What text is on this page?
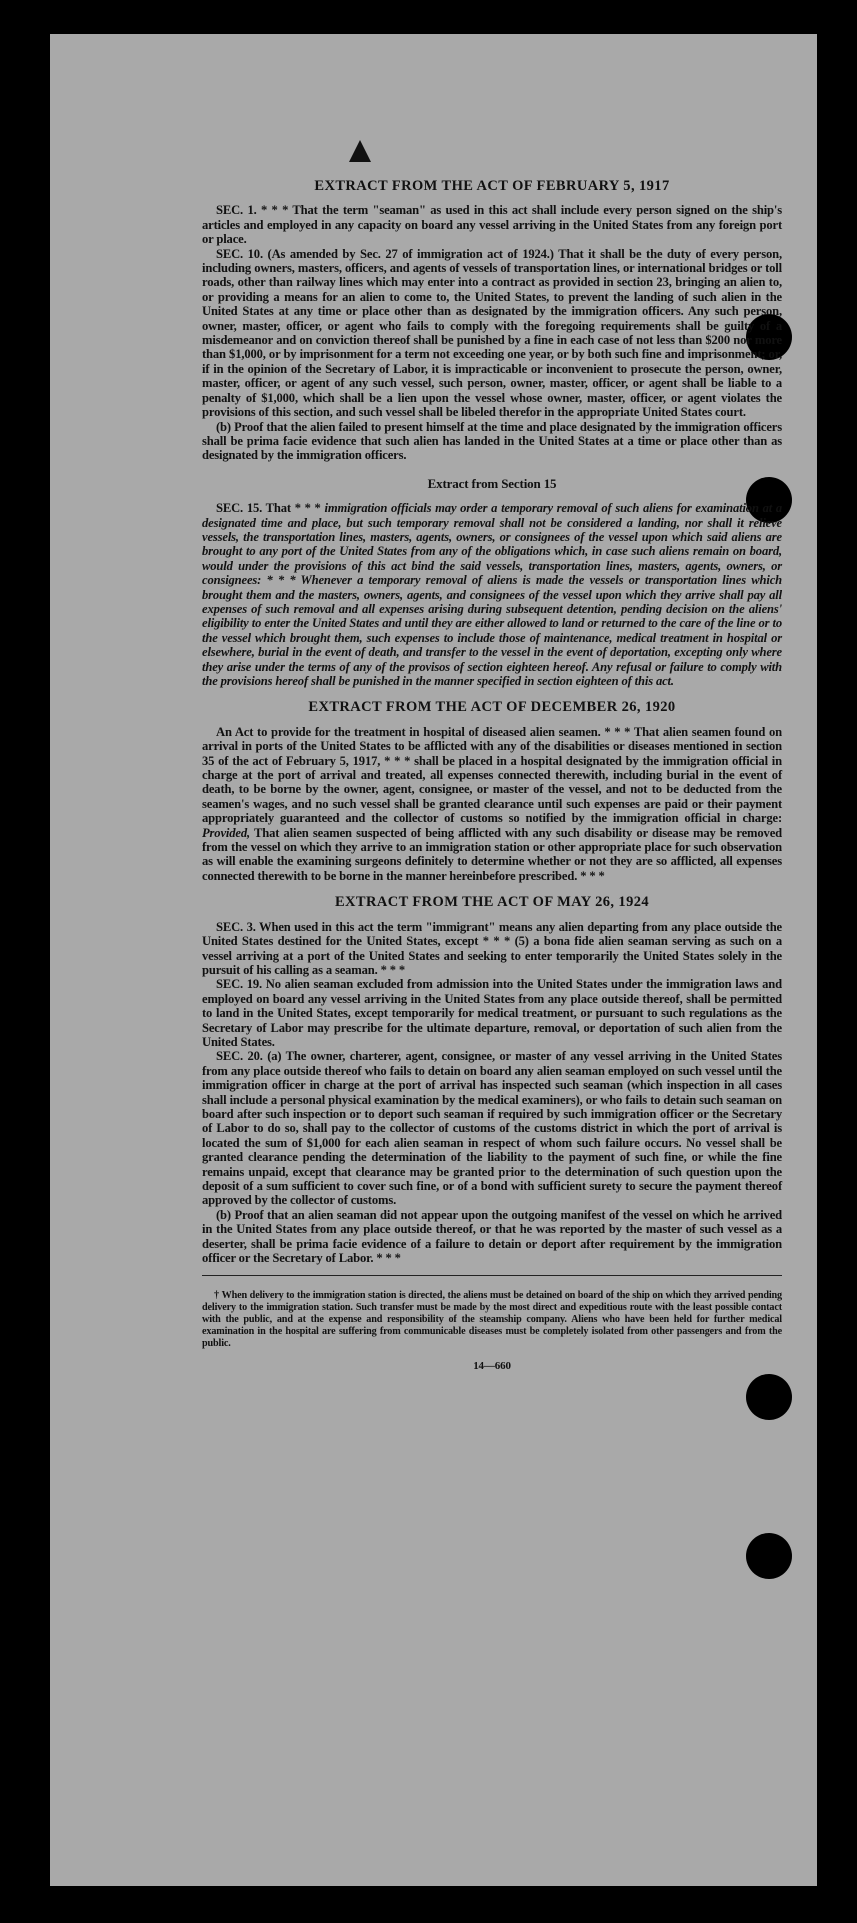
EXTRACT FROM THE ACT OF FEBRUARY 5, 1917

SEC. 1. * * * That the term "seaman" as used in this act shall include every person signed on the ship's articles and employed in any capacity on board any vessel arriving in the United States from any foreign port or place.

SEC. 10. (As amended by Sec. 27 of immigration act of 1924.) That it shall be the duty of every person, including owners, masters, officers, and agents of vessels of transportation lines, or international bridges or toll roads, other than railway lines which may enter into a contract as provided in section 23, bringing an alien to, or providing a means for an alien to come to, the United States, to prevent the landing of such alien in the United States at any time or place other than as designated by the immigration officers. Any such person, owner, master, officer, or agent who fails to comply with the foregoing requirements shall be guilty of a misdemeanor and on conviction thereof shall be punished by a fine in each case of not less than $200 nor more than $1,000, or by imprisonment for a term not exceeding one year, or by both such fine and imprisonment; or, if in the opinion of the Secretary of Labor, it is impracticable or inconvenient to prosecute the person, owner, master, officer, or agent of any such vessel, such person, owner, master, officer, or agent shall be liable to a penalty of $1,000, which shall be a lien upon the vessel whose owner, master, officer, or agent violates the provisions of this section, and such vessel shall be libeled therefor in the appropriate United States court.

(b) Proof that the alien failed to present himself at the time and place designated by the immigration officers shall be prima facie evidence that such alien has landed in the United States at a time or place other than as designated by the immigration officers.

Extract from Section 15

SEC. 15. That * * * immigration officials may order a temporary removal of such aliens for examination at a designated time and place, but such temporary removal shall not be considered a landing, nor shall it relieve vessels, the transportation lines, masters, agents, owners, or consignees of the vessel upon which said aliens are brought to any port of the United States from any of the obligations which, in case such aliens remain on board, would under the provisions of this act bind the said vessels, transportation lines, masters, agents, owners, or consignees: * * * Whenever a temporary removal of aliens is made the vessels or transportation lines which brought them and the masters, owners, agents, and consignees of the vessel upon which they arrive shall pay all expenses of such removal and all expenses arising during subsequent detention, pending decision on the aliens' eligibility to enter the United States and until they are either allowed to land or returned to the care of the line or to the vessel which brought them, such expenses to include those of maintenance, medical treatment in hospital or elsewhere, burial in the event of death, and transfer to the vessel in the event of deportation, excepting only where they arise under the terms of any of the provisos of section eighteen hereof. Any refusal or failure to comply with the provisions hereof shall be punished in the manner specified in section eighteen of this act.

EXTRACT FROM THE ACT OF DECEMBER 26, 1920

An Act to provide for the treatment in hospital of diseased alien seamen. * * * That alien seamen found on arrival in ports of the United States to be afflicted with any of the disabilities or diseases mentioned in section 35 of the act of February 5, 1917, * * * shall be placed in a hospital designated by the immigration official in charge at the port of arrival and treated, all expenses connected therewith, including burial in the event of death, to be borne by the owner, agent, consignee, or master of the vessel, and not to be deducted from the seamen's wages, and no such vessel shall be granted clearance until such expenses are paid or their payment appropriately guaranteed and the collector of customs so notified by the immigration official in charge: Provided, That alien seamen suspected of being afflicted with any such disability or disease may be removed from the vessel on which they arrive to an immigration station or other appropriate place for such observation as will enable the examining surgeons definitely to determine whether or not they are so afflicted, all expenses connected therewith to be borne in the manner hereinbefore prescribed. * * *

EXTRACT FROM THE ACT OF MAY 26, 1924

SEC. 3. When used in this act the term "immigrant" means any alien departing from any place outside the United States destined for the United States, except * * * (5) a bona fide alien seaman serving as such on a vessel arriving at a port of the United States and seeking to enter temporarily the United States solely in the pursuit of his calling as a seaman. * * *

SEC. 19. No alien seaman excluded from admission into the United States under the immigration laws and employed on board any vessel arriving in the United States from any place outside thereof, shall be permitted to land in the United States, except temporarily for medical treatment, or pursuant to such regulations as the Secretary of Labor may prescribe for the ultimate departure, removal, or deportation of such alien from the United States.

SEC. 20. (a) The owner, charterer, agent, consignee, or master of any vessel arriving in the United States from any place outside thereof who fails to detain on board any alien seaman employed on such vessel until the immigration officer in charge at the port of arrival has inspected such seaman (which inspection in all cases shall include a personal physical examination by the medical examiners), or who fails to detain such seaman on board after such inspection or to deport such seaman if required by such immigration officer or the Secretary of Labor to do so, shall pay to the collector of customs of the customs district in which the port of arrival is located the sum of $1,000 for each alien seaman in respect of whom such failure occurs. No vessel shall be granted clearance pending the determination of the liability to the payment of such fine, or while the fine remains unpaid, except that clearance may be granted prior to the determination of such question upon the deposit of a sum sufficient to cover such fine, or of a bond with sufficient surety to secure the payment thereof approved by the collector of customs.

(b) Proof that an alien seaman did not appear upon the outgoing manifest of the vessel on which he arrived in the United States from any place outside thereof, or that he was reported by the master of such vessel as a deserter, shall be prima facie evidence of a failure to detain or deport after requirement by the immigration officer or the Secretary of Labor. * * *

† When delivery to the immigration station is directed, the aliens must be detained on board of the ship on which they arrived pending delivery to the immigration station. Such transfer must be made by the most direct and expeditious route with the least possible contact with the public, and at the expense and responsibility of the steamship company. Aliens who have been held for further medical examination in the hospital are suffering from communicable diseases must be completely isolated from other passengers and from the public.

14—660
